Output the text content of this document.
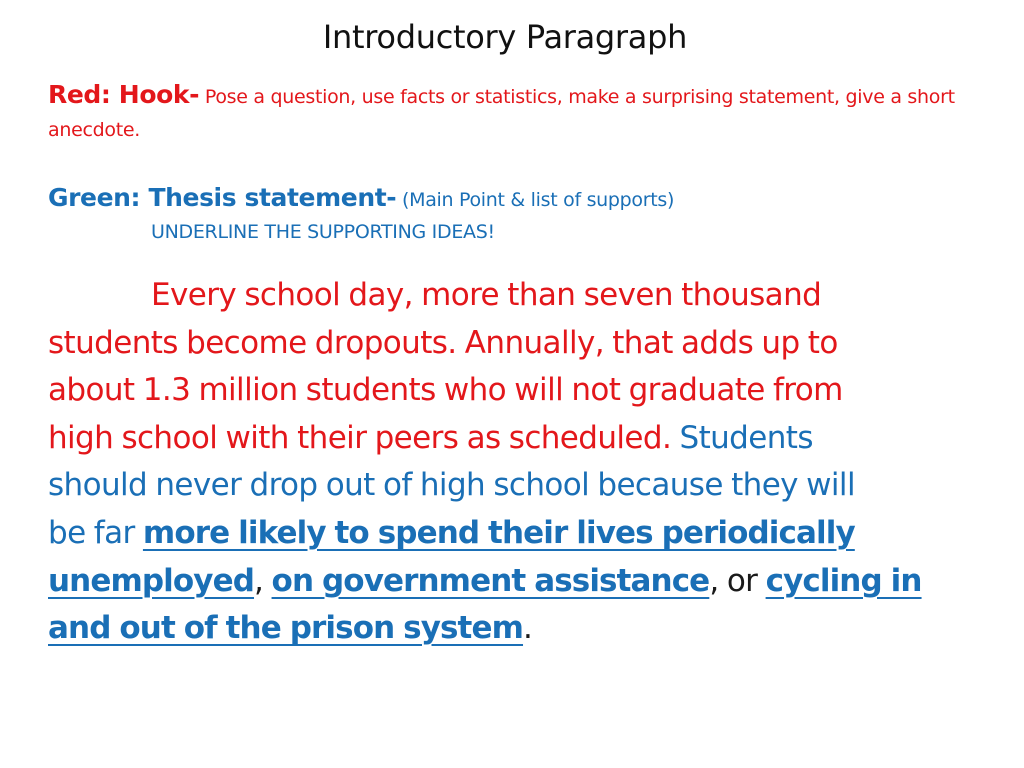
Introductory Paragraph
Red: Hook- Pose a question, use facts or statistics, make a surprising statement, give a short anecdote.
Green: Thesis statement- (Main Point & list of supports)
UNDERLINE THE SUPPORTING IDEAS!
Every school day, more than seven thousand
students become dropouts. Annually, that adds up to
about 1.3 million students who will not graduate from
high school with their peers as scheduled. Students
should never drop out of high school because they will
be far more likely to spend their lives periodically
unemployed, on government assistance, or cycling in
and out of the prison system.
